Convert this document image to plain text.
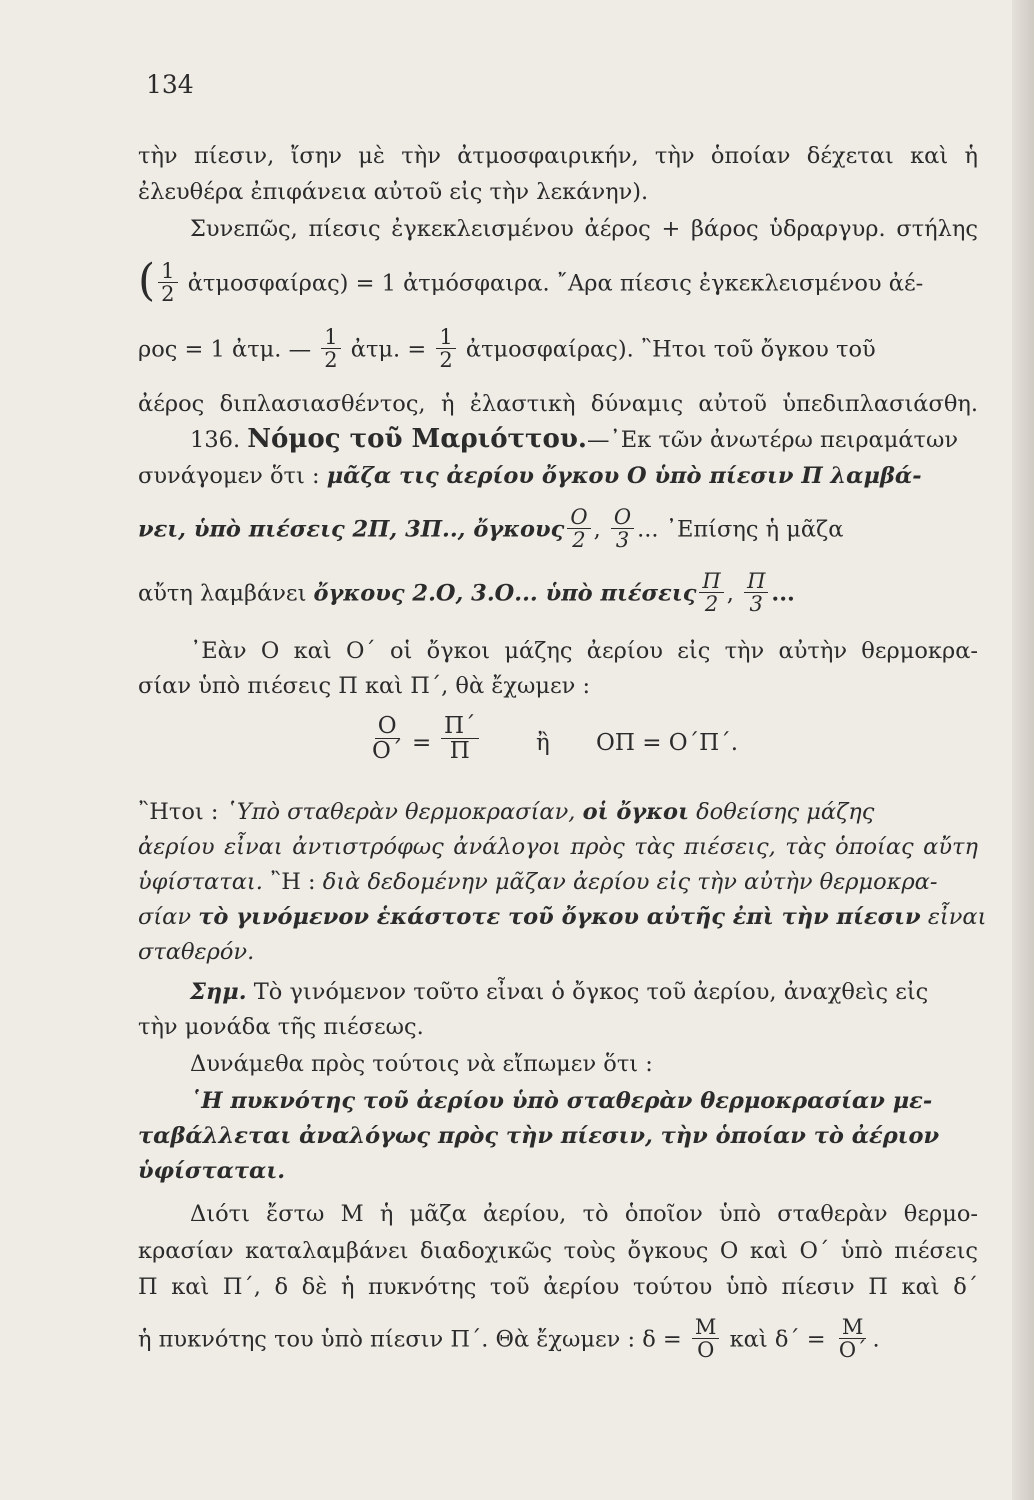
134
τὴν πίεσιν, ἴσην μὲ τὴν ἀτμοσφαιρικήν, τὴν ὁποίαν δέχεται καὶ ἡ
ἐλευθέρα ἐπιφάνεια αὐτοῦ εἰς τὴν λεκάνην).
Συνεπῶς, πίεσις ἐγκεκλεισμένου ἀέρος + βάρος ὑδραργυρ. στήλης
( $\frac{1}{2}$ ἀτμοσφαίρας) = 1 ἀτμόσφαιρα. ῎Αρα πίεσις ἐγκεκλεισμένου ἀέ-
ρος = 1 ἀτμ. — $\frac{1}{2}$ ἀτμ. = $\frac{1}{2}$ ἀτμοσφαίρας). ῍Ητοι τοῦ ὄγκου τοῦ
ἀέρος διπλασιασθέντος, ἡ ἐλαστικὴ δύναμις αὐτοῦ ὑπεδιπλασιάσθη.
136. Νόμος τοῦ Μαριόττου.—᾿Εκ τῶν ἀνωτέρω πειραμάτων
συνάγομεν ὅτι : μᾶζα τις ἀερίου ὄγκου Ο ὑπὸ πίεσιν Π λαμβά-
νει, ὑπὸ πιέσεις 2Π, 3Π.., ὄγκους $\frac{O}{2}$ , $\frac{O}{3}$ ... ᾿Επίσης ἡ μᾶζα
αὔτη λαμβάνει ὄγκους 2.Ο, 3.Ο... ὑπὸ πιέσεις $\frac{\Pi}{2}$ , $\frac{\Pi}{3}$ ...
᾿Εὰν Ο καὶ Ο΄ οἱ ὄγκοι μάζης ἀερίου εἰς τὴν αὐτὴν θερμοκρα-
σίαν ὑπὸ πιέσεις Π καὶ Π΄, θὰ ἔχωμεν :
$\frac{O}{O΄} = \frac{\Pi΄}{\Pi}$ ἢ ΟΠ = Ο΄Π΄.
῍Ητοι : ῾Υπὸ σταθερὰν θερμοκρασίαν, οἱ ὄγκοι δοθείσης μάζης
ἀερίου εἶναι ἀντιστρόφως ἀνάλογοι πρὸς τὰς πιέσεις, τὰς ὁποίας αὔτη
ὑφίσταται. ῍Η : διὰ δεδομένην μᾶζαν ἀερίου εἰς τὴν αὐτὴν θερμοκρα-
σίαν τὸ γινόμενον ἑκάστοτε τοῦ ὄγκου αὐτῆς ἐπὶ τὴν πίεσιν εἶναι
σταθερόν.
Σημ. Τὸ γινόμενον τοῦτο εἶναι ὁ ὄγκος τοῦ ἀερίου, ἀναχθεὶς εἰς
τὴν μονάδα τῆς πιέσεως.
Δυνάμεθα πρὸς τούτοις νὰ εἴπωμεν ὅτι :
῾Η πυκνότης τοῦ ἀερίου ὑπὸ σταθερὰν θερμοκρασίαν με-
ταβάλλεται ἀναλόγως πρὸς τὴν πίεσιν, τὴν ὁποίαν τὸ ἀέριον
ὑφίσταται.
Διότι ἔστω Μ ἡ μᾶζα ἀερίου, τὸ ὁποῖον ὑπὸ σταθερὰν θερμο-
κρασίαν καταλαμβάνει διαδοχικῶς τοὺς ὄγκους Ο καὶ Ο΄ ὑπὸ πιέσεις
Π καὶ Π΄, δ δὲ ἡ πυκνότης τοῦ ἀερίου τούτου ὑπὸ πίεσιν Π καὶ δ΄
ἡ πυκνότης του ὑπὸ πίεσιν Π΄. Θὰ ἔχωμεν : $\delta = \frac{M}{O}$ καὶ $\delta΄ = \frac{M}{O΄}$ .
